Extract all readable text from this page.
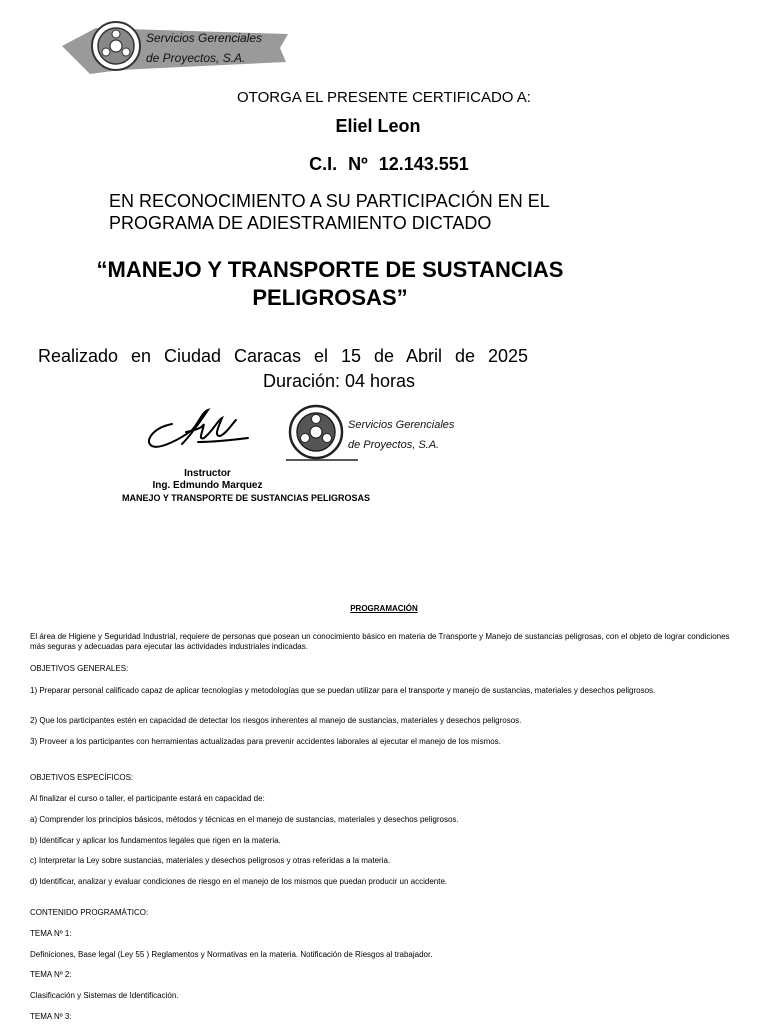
Servicios Gerenciales
de Proyectos, S.A.
OTORGA EL PRESENTE CERTIFICADO A:
Eliel Leon
C.I. Nº 12.143.551
EN RECONOCIMIENTO A SU PARTICIPACIÓN EN EL
PROGRAMA DE ADIESTRAMIENTO DICTADO
“MANEJO Y TRANSPORTE DE SUSTANCIAS
PELIGROSAS”
Realizado en Ciudad Caracas el 15 de Abril de 2025
Duración: 04 horas
Servicios Gerenciales
de Proyectos, S.A.
Instructor
Ing. Edmundo Marquez
MANEJO Y TRANSPORTE DE SUSTANCIAS PELIGROSAS
PROGRAMACIÓN
El área de Higiene y Seguridad Industrial, requiere de personas que posean un conocimiento básico en materia de Transporte y Manejo de sustancias peligrosas, con el objeto de lograr condiciones más seguras y adecuadas para ejecutar las actividades industriales indicadas.
OBJETIVOS GENERALES:
1) Preparar personal calificado capaz de aplicar tecnologías y metodologías que se puedan utilizar para el transporte y manejo de sustancias, materiales y desechos peligrosos.
2) Que los participantes estén en capacidad de detectar los riesgos inherentes al manejo de sustancias, materiales y desechos peligrosos.
3) Proveer a los participantes con herramientas actualizadas para prevenir accidentes laborales al ejecutar el manejo de los mismos.
OBJETIVOS ESPECÍFICOS:
Al finalizar el curso o taller, el participante estará en capacidad de:
a) Comprender los principios básicos, métodos y técnicas en el manejo de sustancias, materiales y desechos peligrosos.
b) Identificar y aplicar los fundamentos legales que rigen en la materia.
c) Interpretar la Ley sobre sustancias, materiales y desechos peligrosos y otras referidas a la materia.
d) Identificar, analizar y evaluar condiciones de riesgo en el manejo de los mismos que puedan producir un accidente.
CONTENIDO PROGRAMÁTICO:
TEMA Nº 1:
Definiciones, Base legal (Ley 55 ) Reglamentos y Normativas en la materia. Notificación de Riesgos al trabajador.
TEMA Nº 2:
Clasificación y Sistemas de Identificación.
TEMA Nº 3:
